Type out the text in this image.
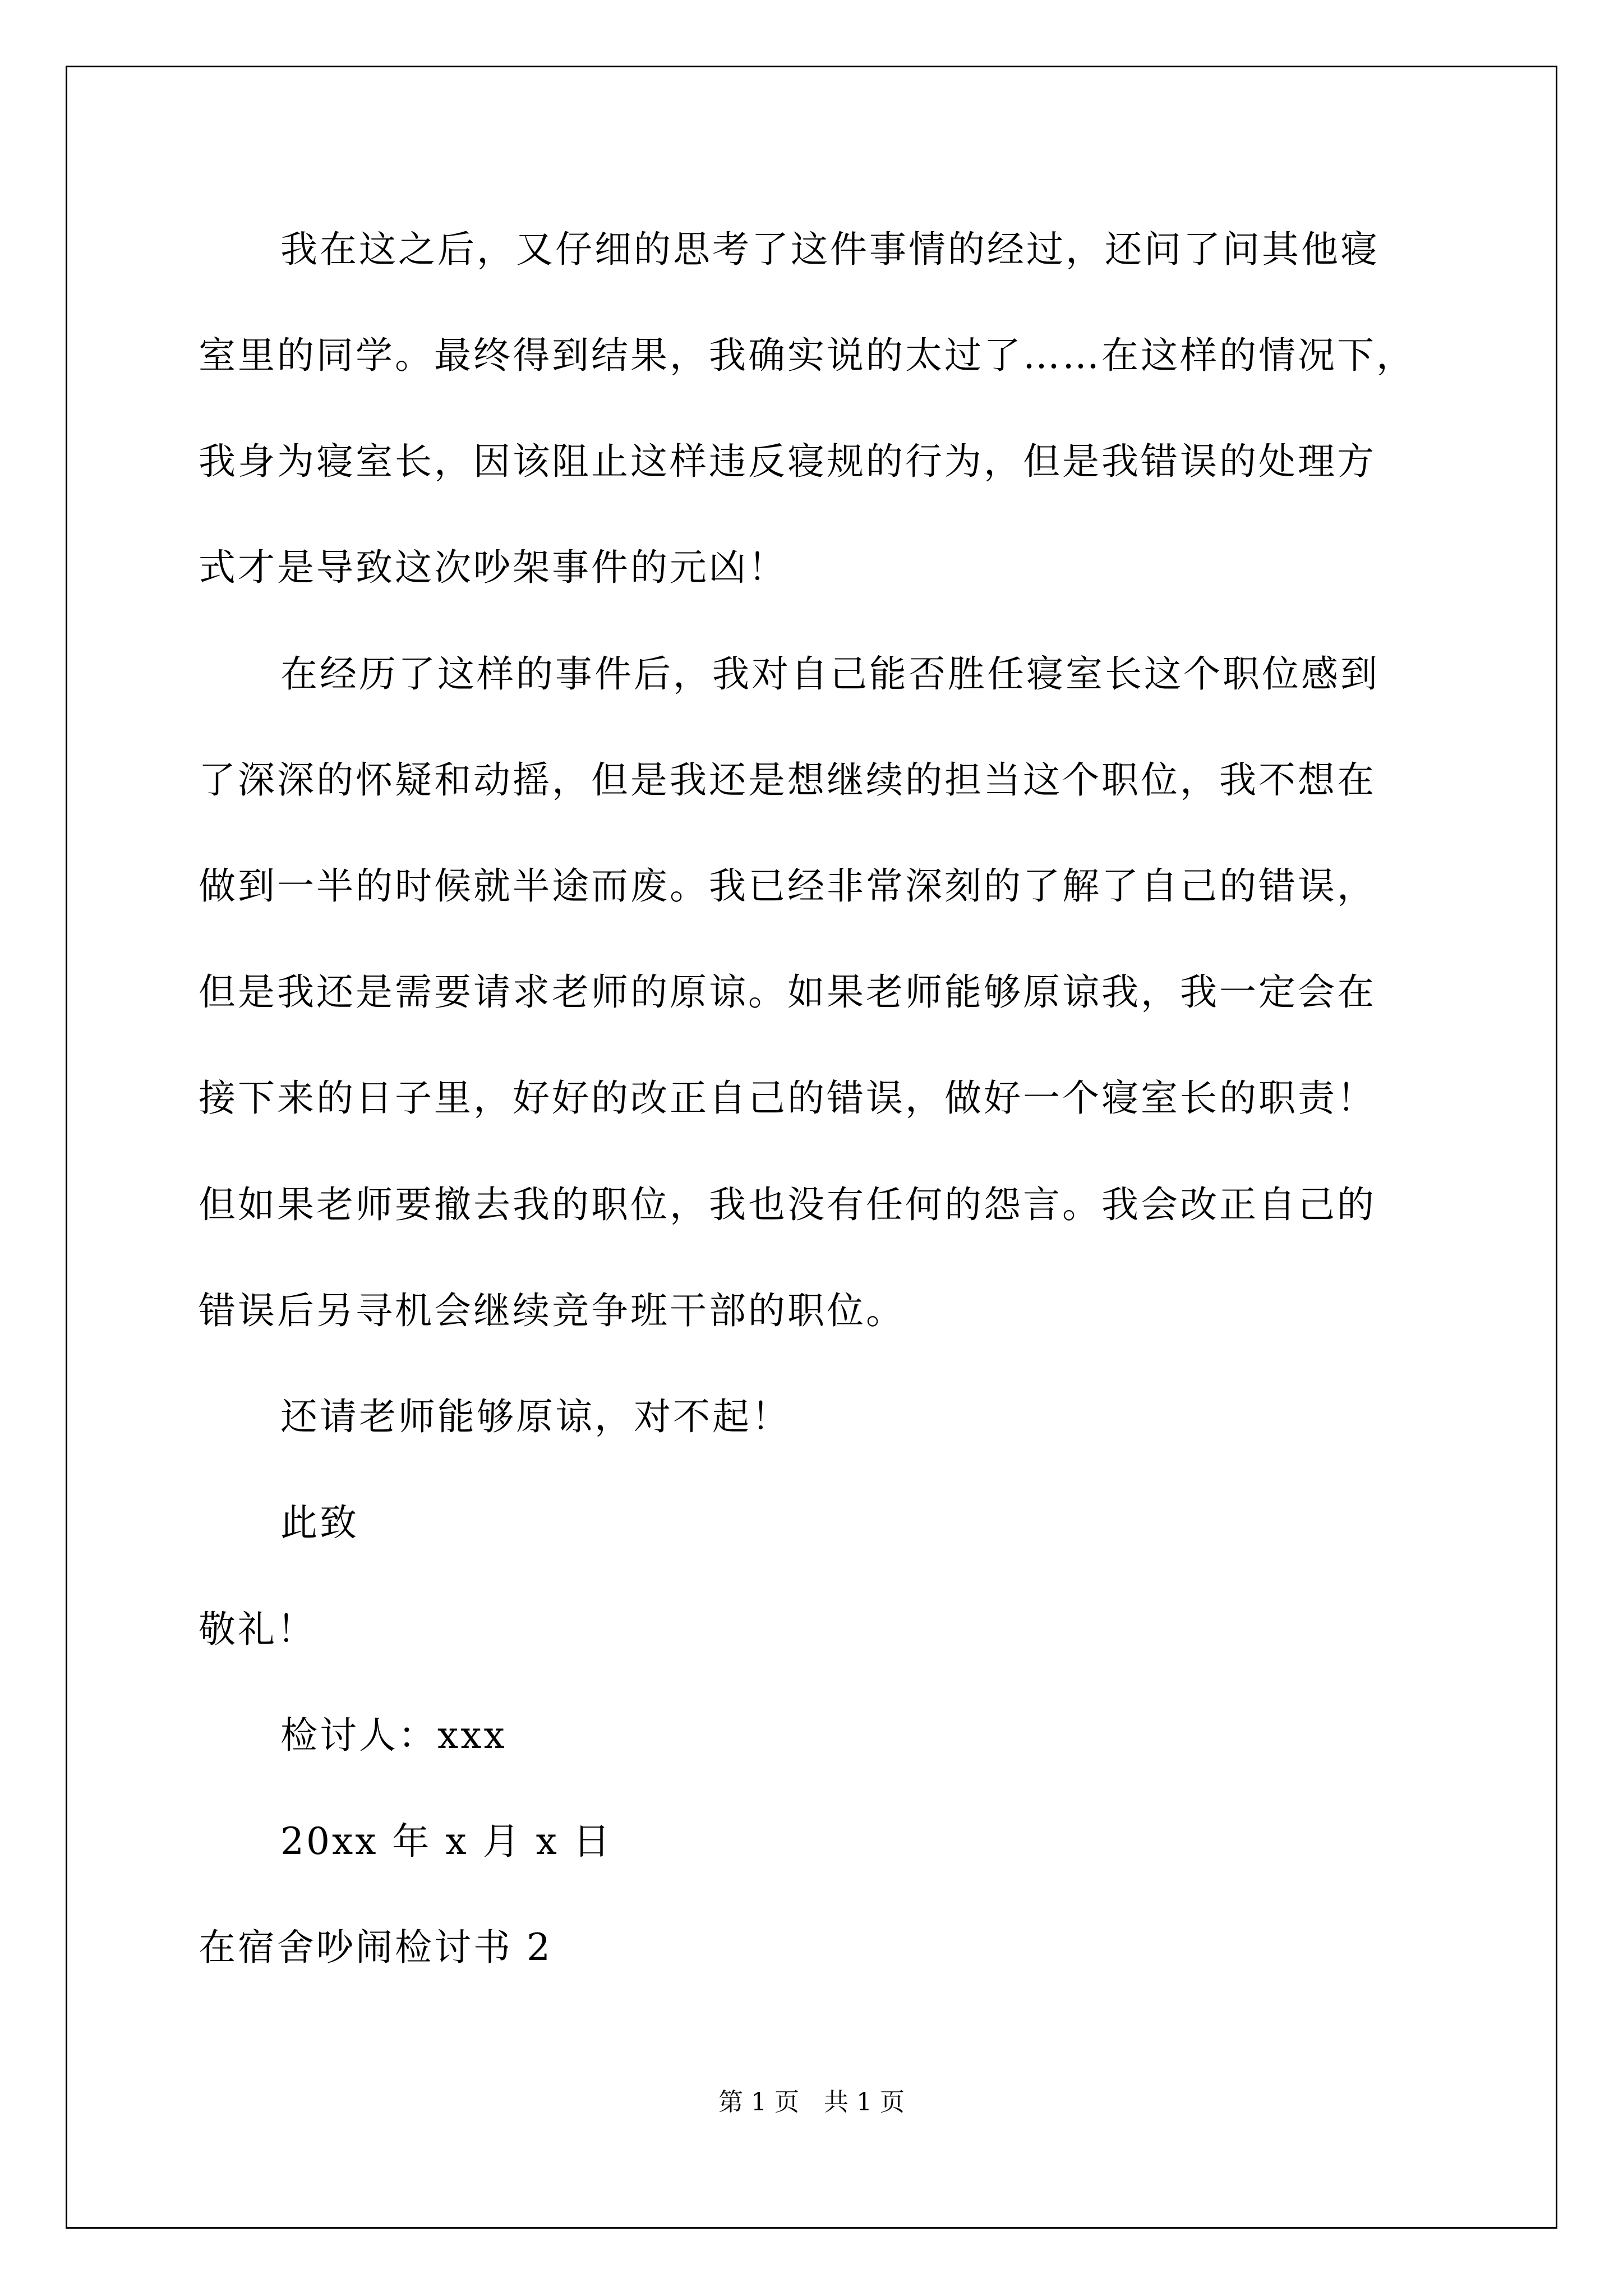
我在这之后，又仔细的思考了这件事情的经过，还问了问其他寝
室里的同学。最终得到结果，我确实说的太过了……在这样的情况下，
我身为寝室长，因该阻止这样违反寝规的行为，但是我错误的处理方
式才是导致这次吵架事件的元凶！
在经历了这样的事件后，我对自己能否胜任寝室长这个职位感到
了深深的怀疑和动摇，但是我还是想继续的担当这个职位，我不想在
做到一半的时候就半途而废。我已经非常深刻的了解了自己的错误，
但是我还是需要请求老师的原谅。如果老师能够原谅我，我一定会在
接下来的日子里，好好的改正自己的错误，做好一个寝室长的职责！
但如果老师要撤去我的职位，我也没有任何的怨言。我会改正自己的
错误后另寻机会继续竞争班干部的职位。
还请老师能够原谅，对不起！
此致
敬礼！
检讨人：xxx
20xx 年 x 月 x 日
在宿舍吵闹检讨书 2
第 1 页　共 1 页
